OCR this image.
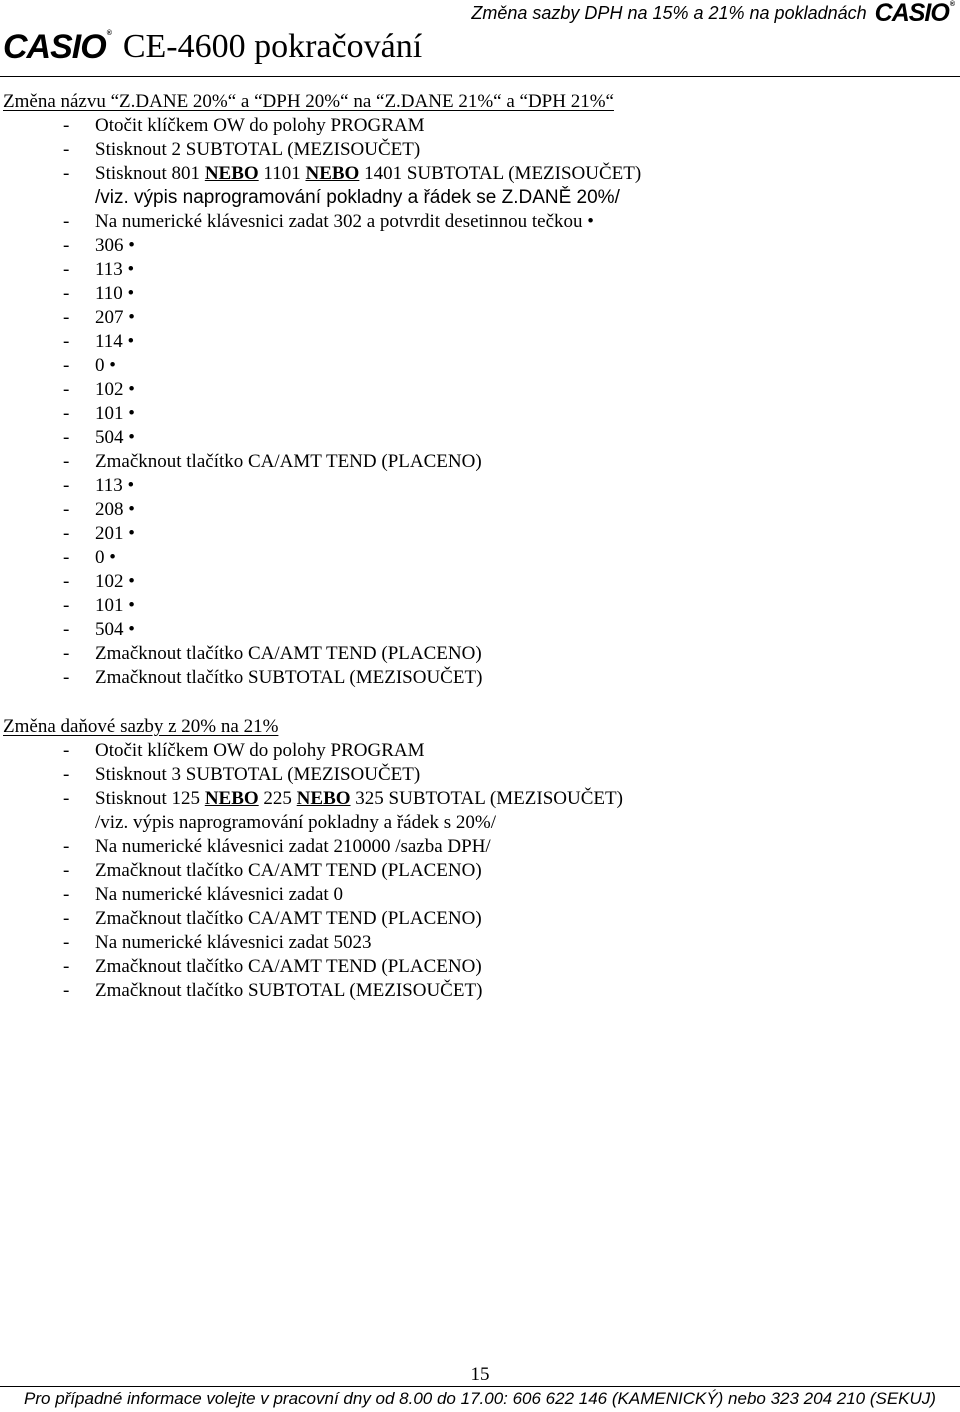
Změna sazby DPH na 15% a 21% na pokladnách CASIO ®
CASIO ® CE-4600 pokračování
Změna názvu “Z.DANE 20%“ a “DPH 20%“ na “Z.DANE 21%“ a “DPH 21%“
- Otočit klíčkem OW do polohy PROGRAM
- Stisknout 2 SUBTOTAL (MEZISOUČET)
- Stisknout 801 NEBO 1101 NEBO 1401 SUBTOTAL (MEZISOUČET)
/viz. výpis naprogramování pokladny a řádek se Z.DANĚ 20%/
- Na numerické klávesnici zadat 302 a potvrdit desetinnou tečkou •
- 306 •
- 113 •
- 110 •
- 207 •
- 114 •
- 0 •
- 102 •
- 101 •
- 504 •
- Zmačknout tlačítko CA/AMT TEND (PLACENO)
- 113 •
- 208 •
- 201 •
- 0 •
- 102 •
- 101 •
- 504 •
- Zmačknout tlačítko CA/AMT TEND (PLACENO)
- Zmačknout tlačítko SUBTOTAL (MEZISOUČET)
Změna daňové sazby z 20% na 21%
- Otočit klíčkem OW do polohy PROGRAM
- Stisknout 3 SUBTOTAL (MEZISOUČET)
- Stisknout 125 NEBO 225 NEBO 325 SUBTOTAL (MEZISOUČET)
/viz. výpis naprogramování pokladny a řádek s 20%/
- Na numerické klávesnici zadat 210000 /sazba DPH/
- Zmačknout tlačítko CA/AMT TEND (PLACENO)
- Na numerické klávesnici zadat 0
- Zmačknout tlačítko CA/AMT TEND (PLACENO)
- Na numerické klávesnici zadat 5023
- Zmačknout tlačítko CA/AMT TEND (PLACENO)
- Zmačknout tlačítko SUBTOTAL (MEZISOUČET)
15
Pro případné informace volejte v pracovní dny od 8.00 do 17.00: 606 622 146 (KAMENICKÝ) nebo 323 204 210 (SEKUJ)
